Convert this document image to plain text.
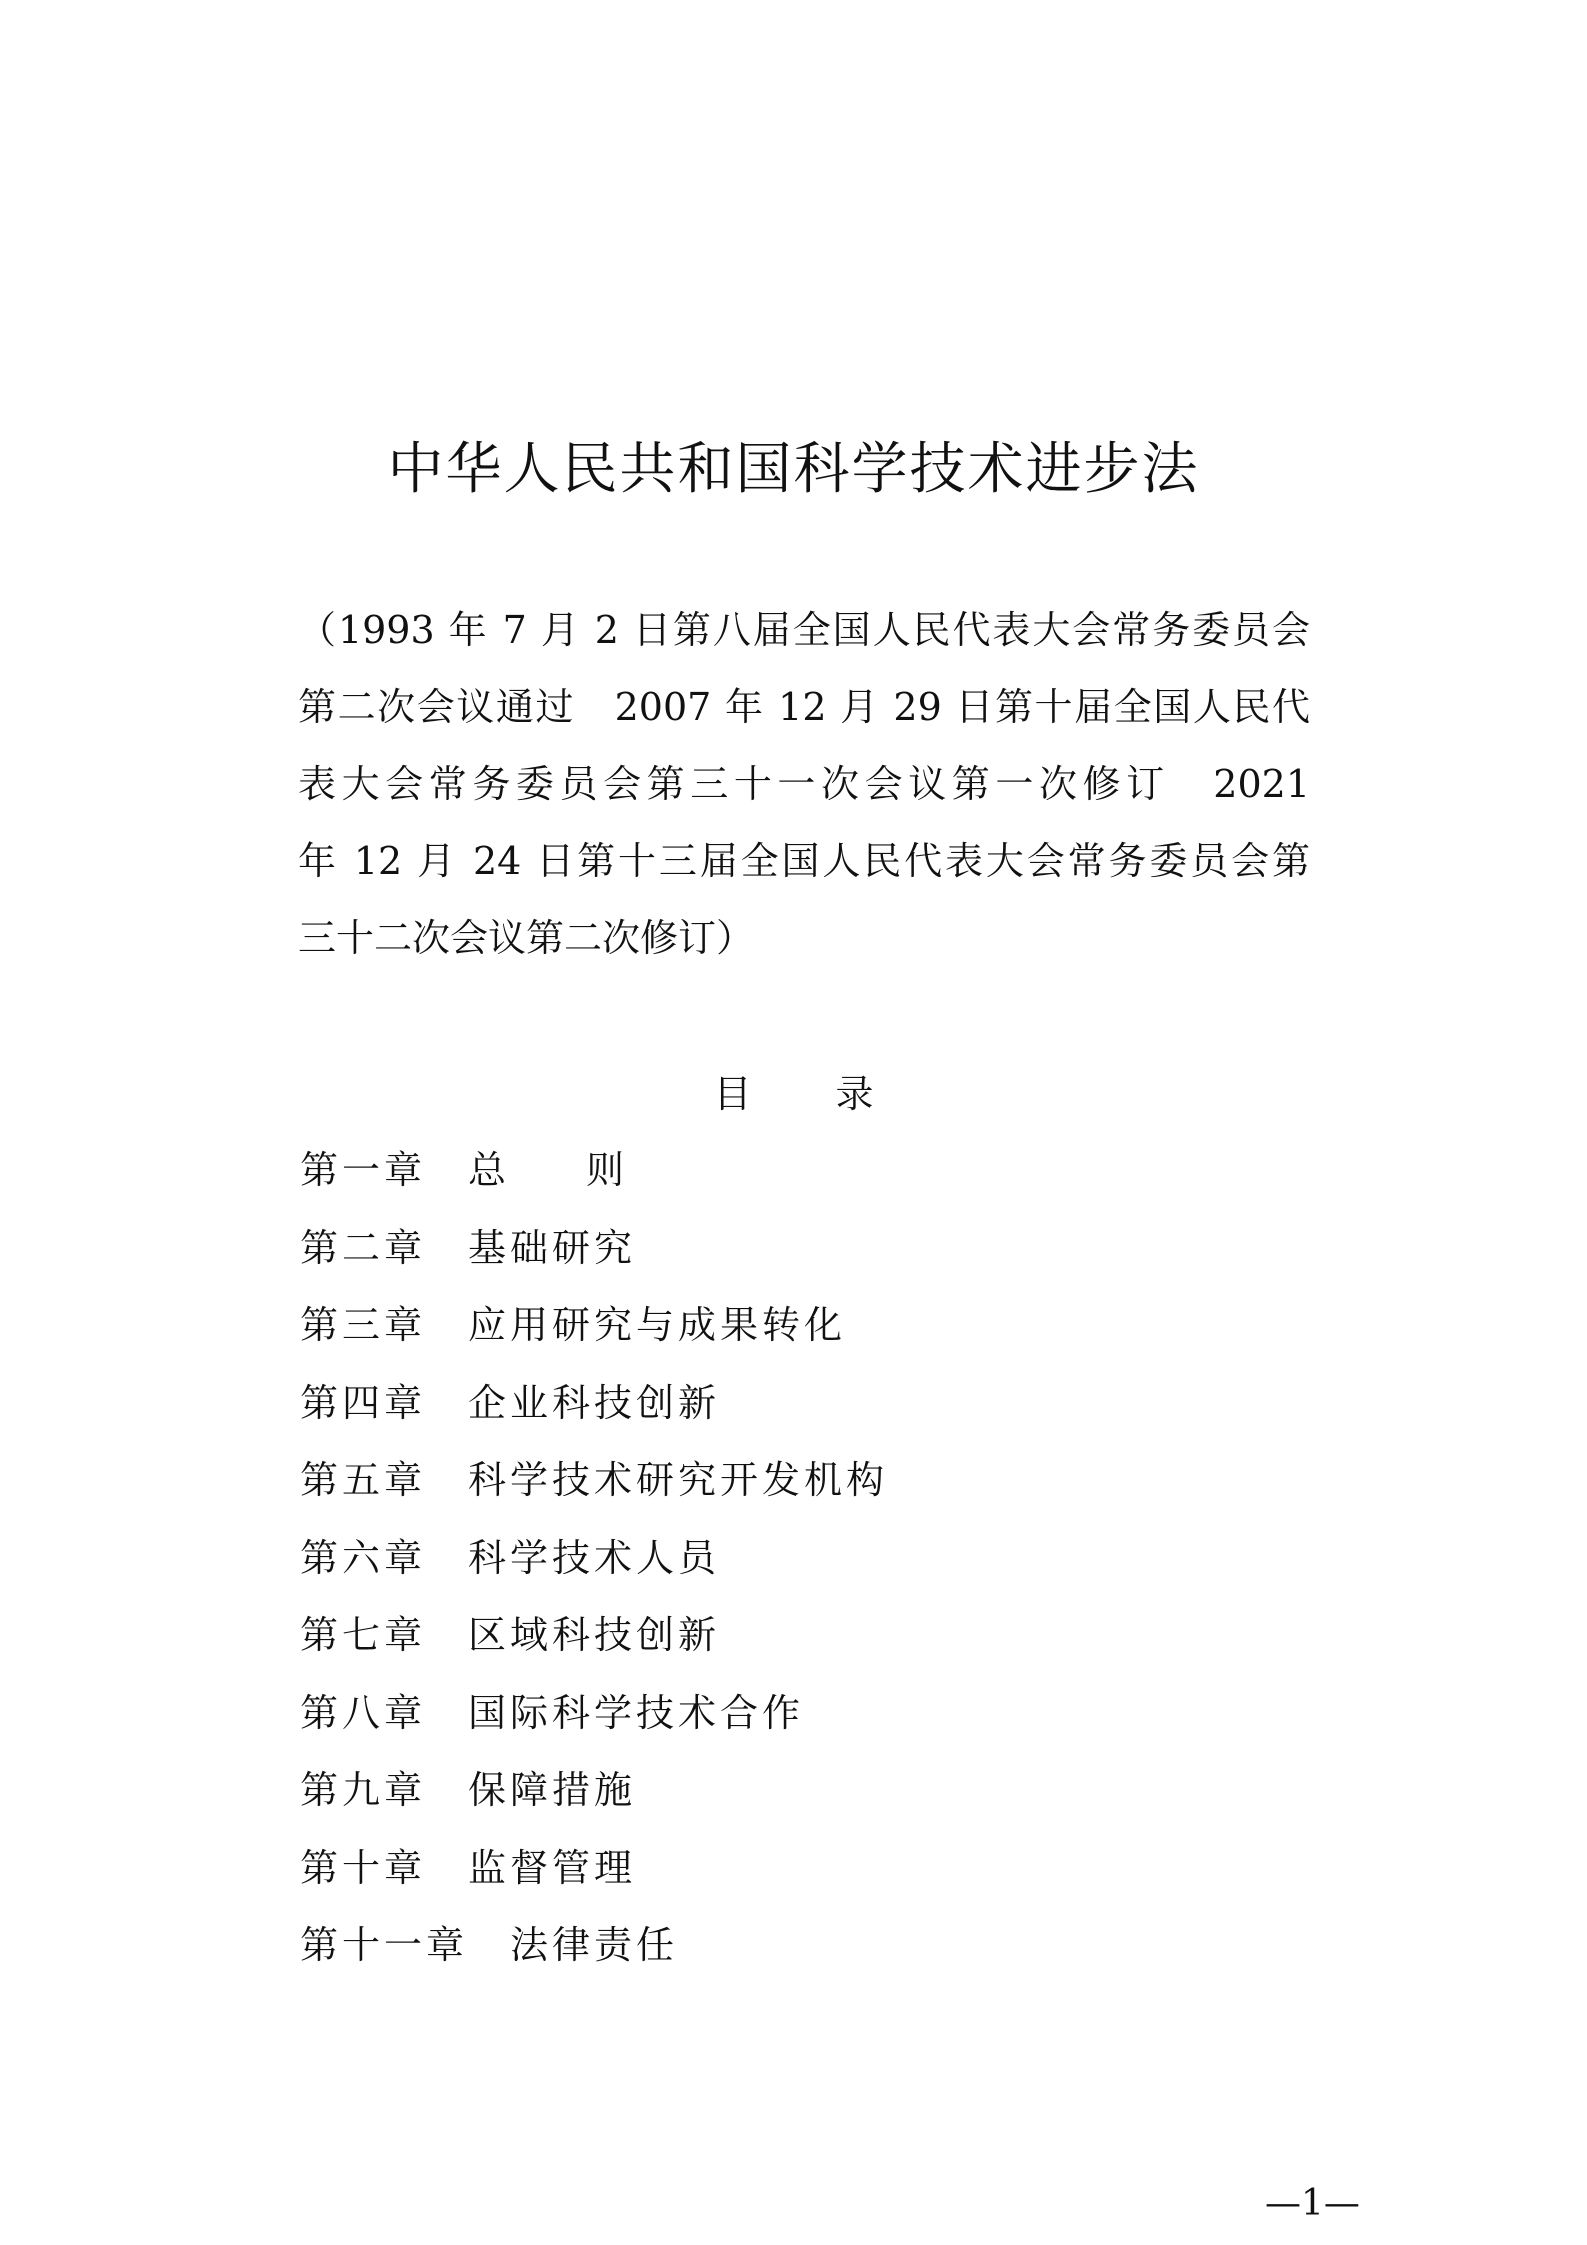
中华人民共和国科学技术进步法
（1993 年 7 月 2 日第八届全国人民代表大会常务委员会
第二次会议通过　2007 年 12 月 29 日第十届全国人民代
表大会常务委员会第三十一次会议第一次修订　2021
年 12 月 24 日第十三届全国人民代表大会常务委员会第
三十二次会议第二次修订）
目录
第一章 总则
第二章 基础研究
第三章 应用研究与成果转化
第四章 企业科技创新
第五章 科学技术研究开发机构
第六章 科学技术人员
第七章 区域科技创新
第八章 国际科学技术合作
第九章 保障措施
第十章 监督管理
第十一章 法律责任
—1—
